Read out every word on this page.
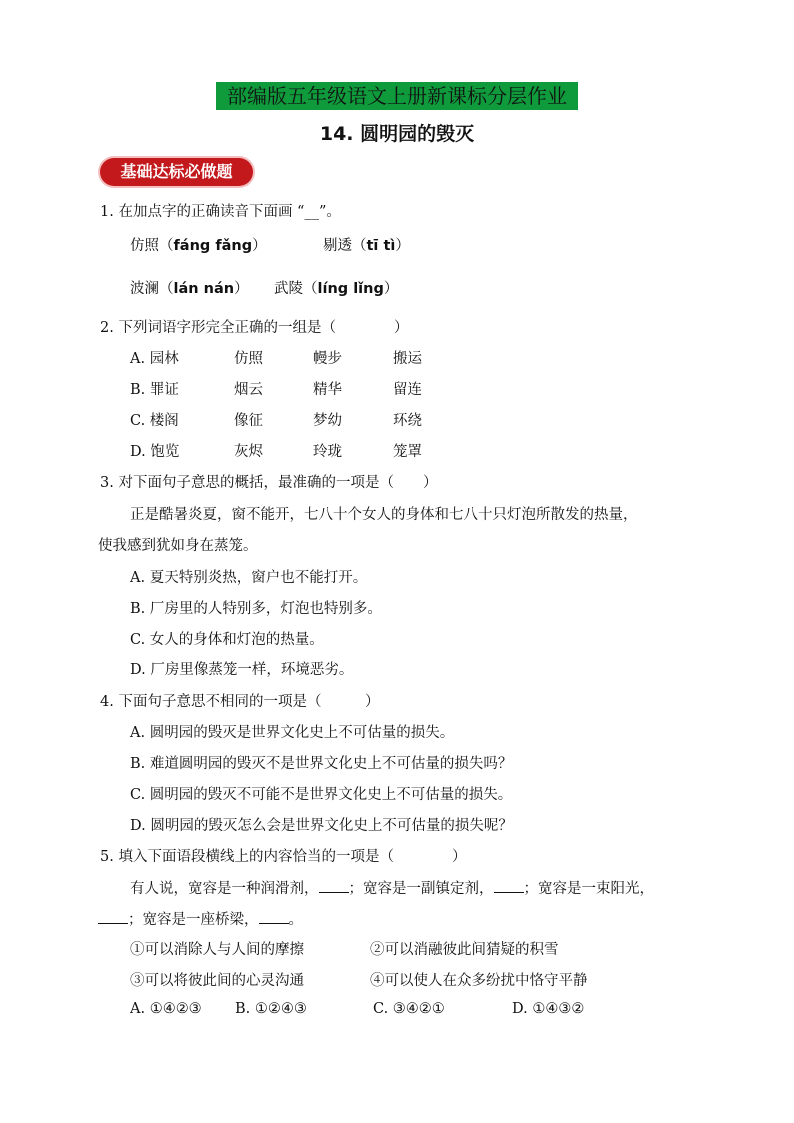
部编版五年级语文上册新课标分层作业
14. 圆明园的毁灭
基础达标必做题
1. 在加点字的正确读音下面画 “__”。
仿照（fáng fǎng）	剔透（tī tì）
波澜（lán nán） 武陵（líng lǐng）
2. 下列词语字形完全正确的一组是（　　　　）
A. 园林	仿照	幔步	搬运
B. 罪证	烟云	精华	留连
C. 楼阁	像征	梦幼	环绕
D. 饱览	灰烬	玲珑	笼罩
3. 对下面句子意思的概括，最准确的一项是（　　）
正是酷暑炎夏，窗不能开，七八十个女人的身体和七八十只灯泡所散发的热量，
使我感到犹如身在蒸笼。
A. 夏天特别炎热，窗户也不能打开。
B. 厂房里的人特别多，灯泡也特别多。
C. 女人的身体和灯泡的热量。
D. 厂房里像蒸笼一样，环境恶劣。
4. 下面句子意思不相同的一项是（　　　）
A. 圆明园的毁灭是世界文化史上不可估量的损失。
B. 难道圆明园的毁灭不是世界文化史上不可估量的损失吗？
C. 圆明园的毁灭不可能不是世界文化史上不可估量的损失。
D. 圆明园的毁灭怎么会是世界文化史上不可估量的损失呢？
5. 填入下面语段横线上的内容恰当的一项是（　　　　）
有人说，宽容是一种润滑剂， ；宽容是一副镇定剂， ；宽容是一束阳光，
；宽容是一座桥梁， 。
①可以消除人与人间的摩擦	②可以消融彼此间猜疑的积雪
③可以将彼此间的心灵沟通	④可以使人在众多纷扰中恪守平静
A. ①④②③ B. ①②④③	C. ③④②①	D. ①④③②
